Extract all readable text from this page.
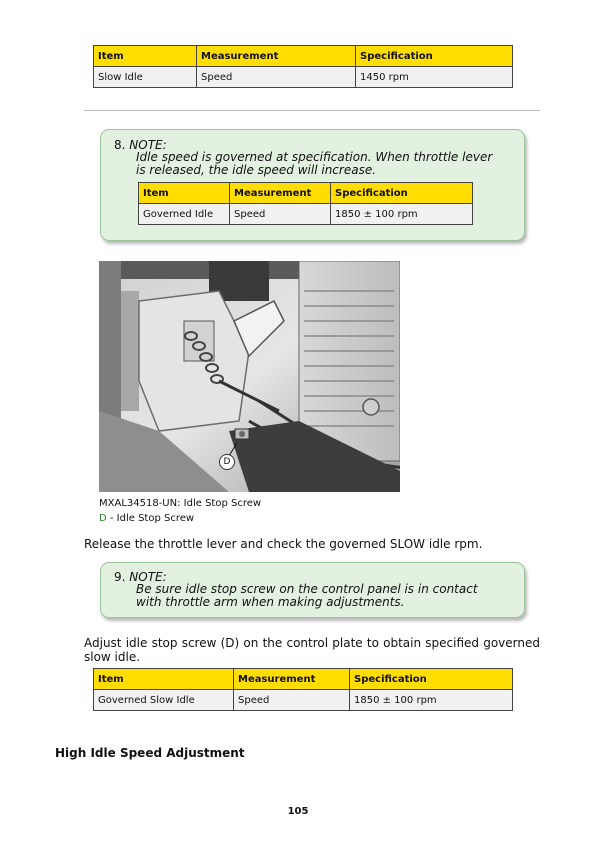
Item	Measurement	Specification
Slow Idle	Speed	1450 rpm
8. NOTE:
Idle speed is governed at specification. When throttle lever is released, the idle speed will increase.
Item	Measurement	Specification
Governed Idle	Speed	1850 ± 100 rpm
D
MXAL34518-UN: Idle Stop Screw
D - Idle Stop Screw
Release the throttle lever and check the governed SLOW idle rpm.
9. NOTE:
Be sure idle stop screw on the control panel is in contact with throttle arm when making adjustments.
Adjust idle stop screw (D) on the control plate to obtain specified governed slow idle.
Item	Measurement	Specification
Governed Slow Idle	Speed	1850 ± 100 rpm
High Idle Speed Adjustment
105
